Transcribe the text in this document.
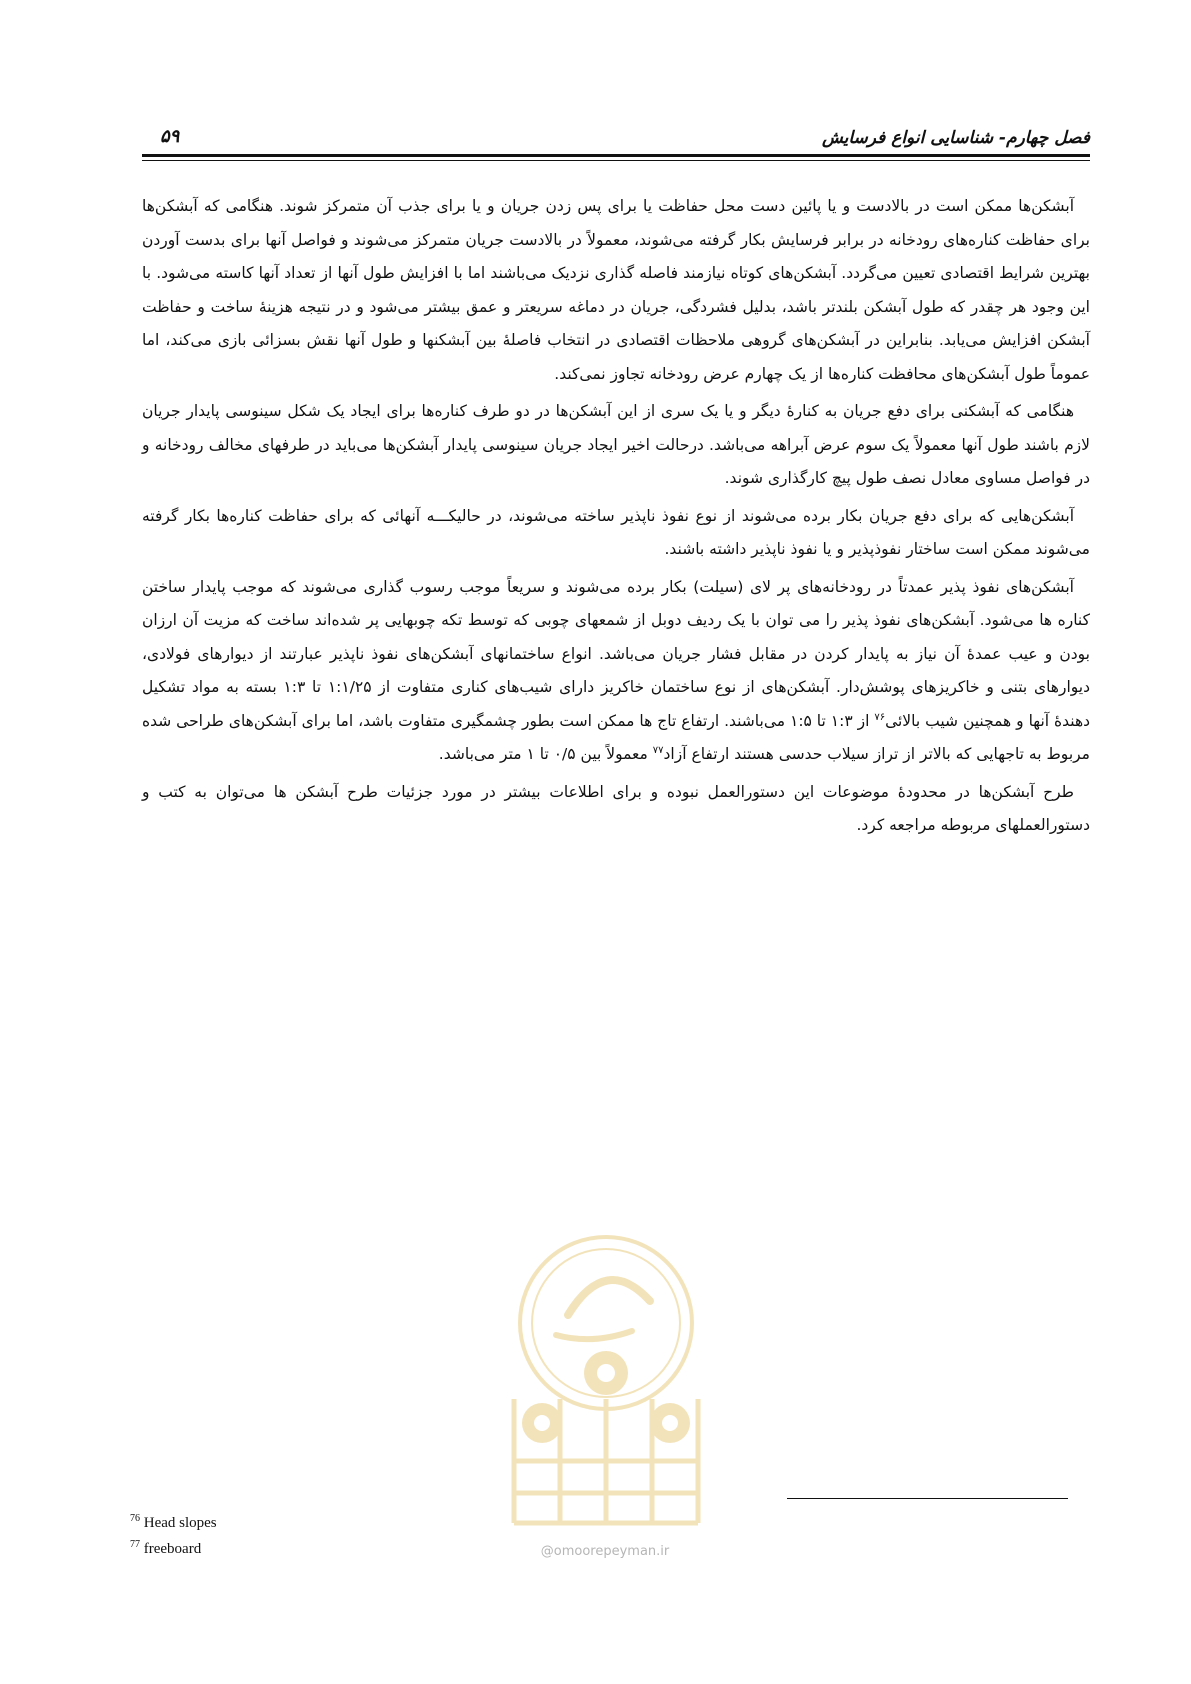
فصل چهارم- شناسایی انواع فرسایش
۵۹

آبشکن‌ها ممکن است در بالادست و یا پائین دست محل حفاظت یا برای پس زدن جریان و یا برای جذب آن متمرکز شوند. هنگامی که آبشکن‌ها برای حفاظت کناره‌های رودخانه در برابر فرسایش بکار گرفته می‌شوند، معمولاً در بالادست جریان متمرکز می‌شوند و فواصل آنها برای بدست آوردن بهترین شرایط اقتصادی تعیین می‌گردد. آبشکن‌های کوتاه نیازمند فاصله گذاری نزدیک می‌باشند اما با افزایش طول آنها از تعداد آنها کاسته می‌شود. با این وجود هر چقدر که طول آبشکن بلندتر باشد، بدلیل فشردگی، جریان در دماغه سریعتر و عمق بیشتر می‌شود و در نتیجه هزینهٔ ساخت و حفاظت آبشکن افزایش می‌یابد. بنابراین در آبشکن‌های گروهی ملاحظات اقتصادی در انتخاب فاصلهٔ بین آبشکنها و طول آنها نقش بسزائی بازی می‌کند، اما عموماً طول آبشکن‌های محافظت کناره‌ها از یک چهارم عرض رودخانه تجاوز نمی‌کند.

هنگامی که آبشکنی برای دفع جریان به کنارهٔ دیگر و یا یک سری از این آبشکن‌ها در دو طرف کناره‌ها برای ایجاد یک شکل سینوسی پایدار جریان لازم باشند طول آنها معمولاً یک سوم عرض آبراهه می‌باشد. درحالت اخیر ایجاد جریان سینوسی پایدار آبشکن‌ها می‌باید در طرفهای مخالف رودخانه و در فواصل مساوی معادل نصف طول پیچ کارگذاری شوند.

آبشکن‌هایی که برای دفع جریان بکار برده می‌شوند از نوع نفوذ ناپذیر ساخته می‌شوند، در حالیکـــه آنهائی که برای حفاظت کناره‌ها بکار گرفته می‌شوند ممکن است ساختار نفوذپذیر و یا نفوذ ناپذیر داشته باشند.

آبشکن‌های نفوذ پذیر عمدتاً در رودخانه‌های پر لای (سیلت) بکار برده می‌شوند و سریعاً موجب رسوب گذاری می‌شوند که موجب پایدار ساختن کناره ها می‌شود. آبشکن‌های نفوذ پذیر را می توان با یک ردیف دوبل از شمعهای چوبی که توسط تکه چوبهایی پر شده‌اند ساخت که مزیت آن ارزان بودن و عیب عمدهٔ آن نیاز به پایدار کردن در مقابل فشار جریان می‌باشد. انواع ساختمانهای آبشکن‌های نفوذ ناپذیر عبارتند از دیوارهای فولادی، دیوارهای بتنی و خاکریزهای پوشش‌دار. آبشکن‌های از نوع ساختمان خاکریز دارای شیب‌های کناری متفاوت از ۱:۱/۲۵ تا ۱:۳ بسته به مواد تشکیل دهندهٔ آنها و همچنین شیب بالائی$^{۷۶}$ از ۱:۳ تا ۱:۵ می‌باشند. ارتفاع تاج ها ممکن است بطور چشمگیری متفاوت باشد، اما برای آبشکن‌های طراحی شده مربوط به تاجهایی که بالاتر از تراز سیلاب حدسی هستند ارتفاع آزاد$^{۷۷}$ معمولاً بین ۰/۵ تا ۱ متر می‌باشد.

طرح آبشکن‌ها در محدودهٔ موضوعات این دستورالعمل نبوده و برای اطلاعات بیشتر در مورد جزئیات طرح آبشکن ها می‌توان به کتب و دستورالعملهای مربوطه مراجعه کرد.

@omoorepeyman.ir
$^{76}$ Head slopes
$^{77}$ freeboard
